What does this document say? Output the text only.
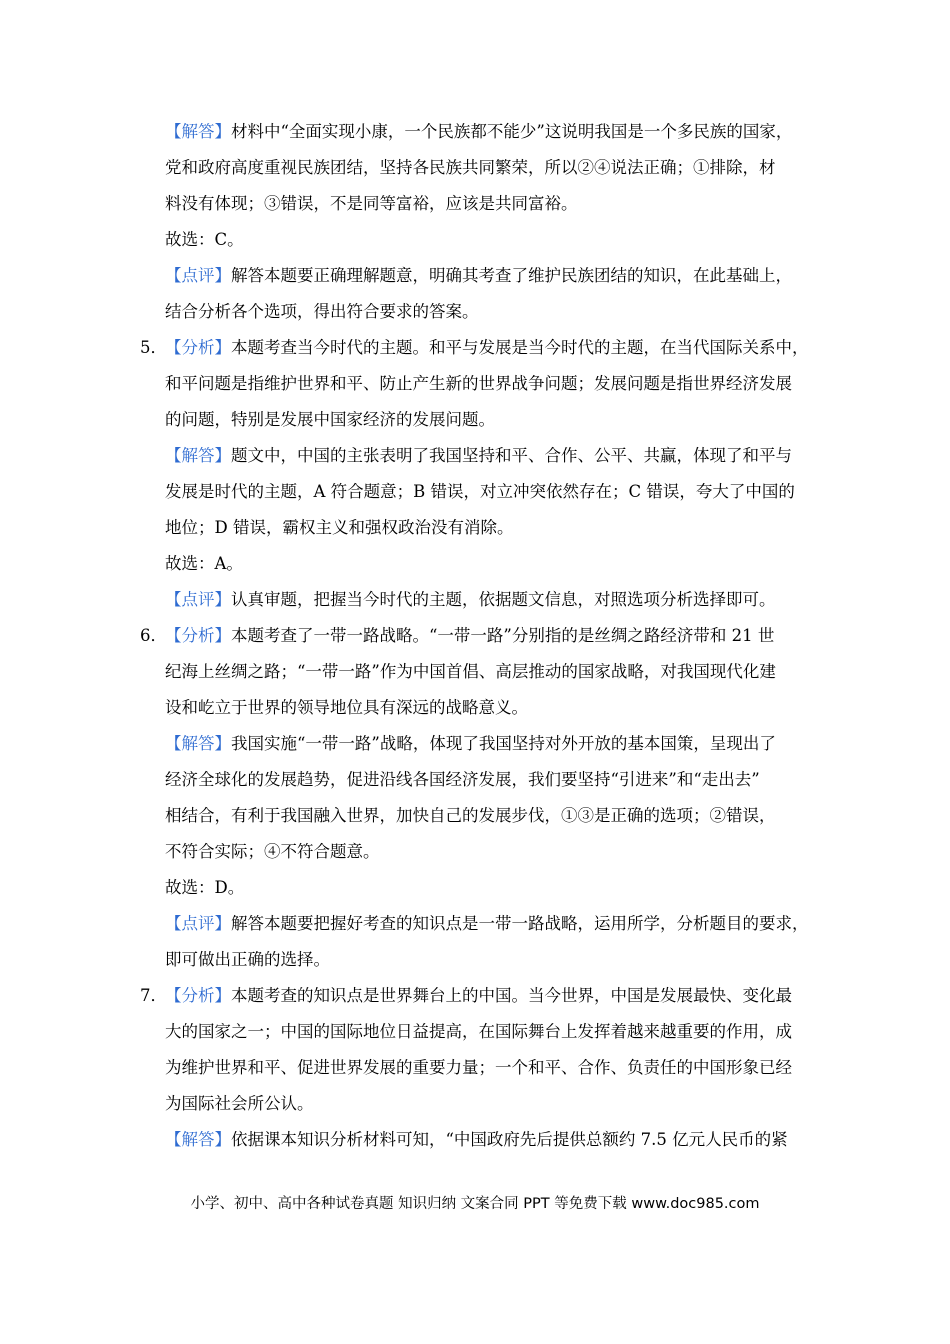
【解答】材料中“全面实现小康，一个民族都不能少”这说明我国是一个多民族的国家，
党和政府高度重视民族团结，坚持各民族共同繁荣，所以②④说法正确；①排除，材
料没有体现；③错误，不是同等富裕，应该是共同富裕。
故选：C。
【点评】解答本题要正确理解题意，明确其考查了维护民族团结的知识，在此基础上，
结合分析各个选项，得出符合要求的答案。
5．
【分析】本题考查当今时代的主题。和平与发展是当今时代的主题，在当代国际关系中，
和平问题是指维护世界和平、防止产生新的世界战争问题；发展问题是指世界经济发展
的问题，特别是发展中国家经济的发展问题。
【解答】题文中，中国的主张表明了我国坚持和平、合作、公平、共赢，体现了和平与
发展是时代的主题，A 符合题意；B 错误，对立冲突依然存在；C 错误，夸大了中国的
地位；D 错误，霸权主义和强权政治没有消除。
故选：A。
【点评】认真审题，把握当今时代的主题，依据题文信息，对照选项分析选择即可。
6．
【分析】本题考查了一带一路战略。“一带一路”分别指的是丝绸之路经济带和 21 世
纪海上丝绸之路；“一带一路”作为中国首倡、高层推动的国家战略，对我国现代化建
设和屹立于世界的领导地位具有深远的战略意义。
【解答】我国实施“一带一路”战略，体现了我国坚持对外开放的基本国策，呈现出了
经济全球化的发展趋势，促进沿线各国经济发展，我们要坚持“引进来”和“走出去”
相结合，有利于我国融入世界，加快自己的发展步伐，①③是正确的选项；②错误，
不符合实际；④不符合题意。
故选：D。
【点评】解答本题要把握好考查的知识点是一带一路战略，运用所学，分析题目的要求，
即可做出正确的选择。
7．
【分析】本题考查的知识点是世界舞台上的中国。当今世界，中国是发展最快、变化最
大的国家之一；中国的国际地位日益提高，在国际舞台上发挥着越来越重要的作用，成
为维护世界和平、促进世界发展的重要力量；一个和平、合作、负责任的中国形象已经
为国际社会所公认。
【解答】依据课本知识分析材料可知，“中国政府先后提供总额约 7.5 亿元人民币的紧
小学、初中、高中各种试卷真题 知识归纳 文案合同 PPT 等免费下载 www.doc985.com
